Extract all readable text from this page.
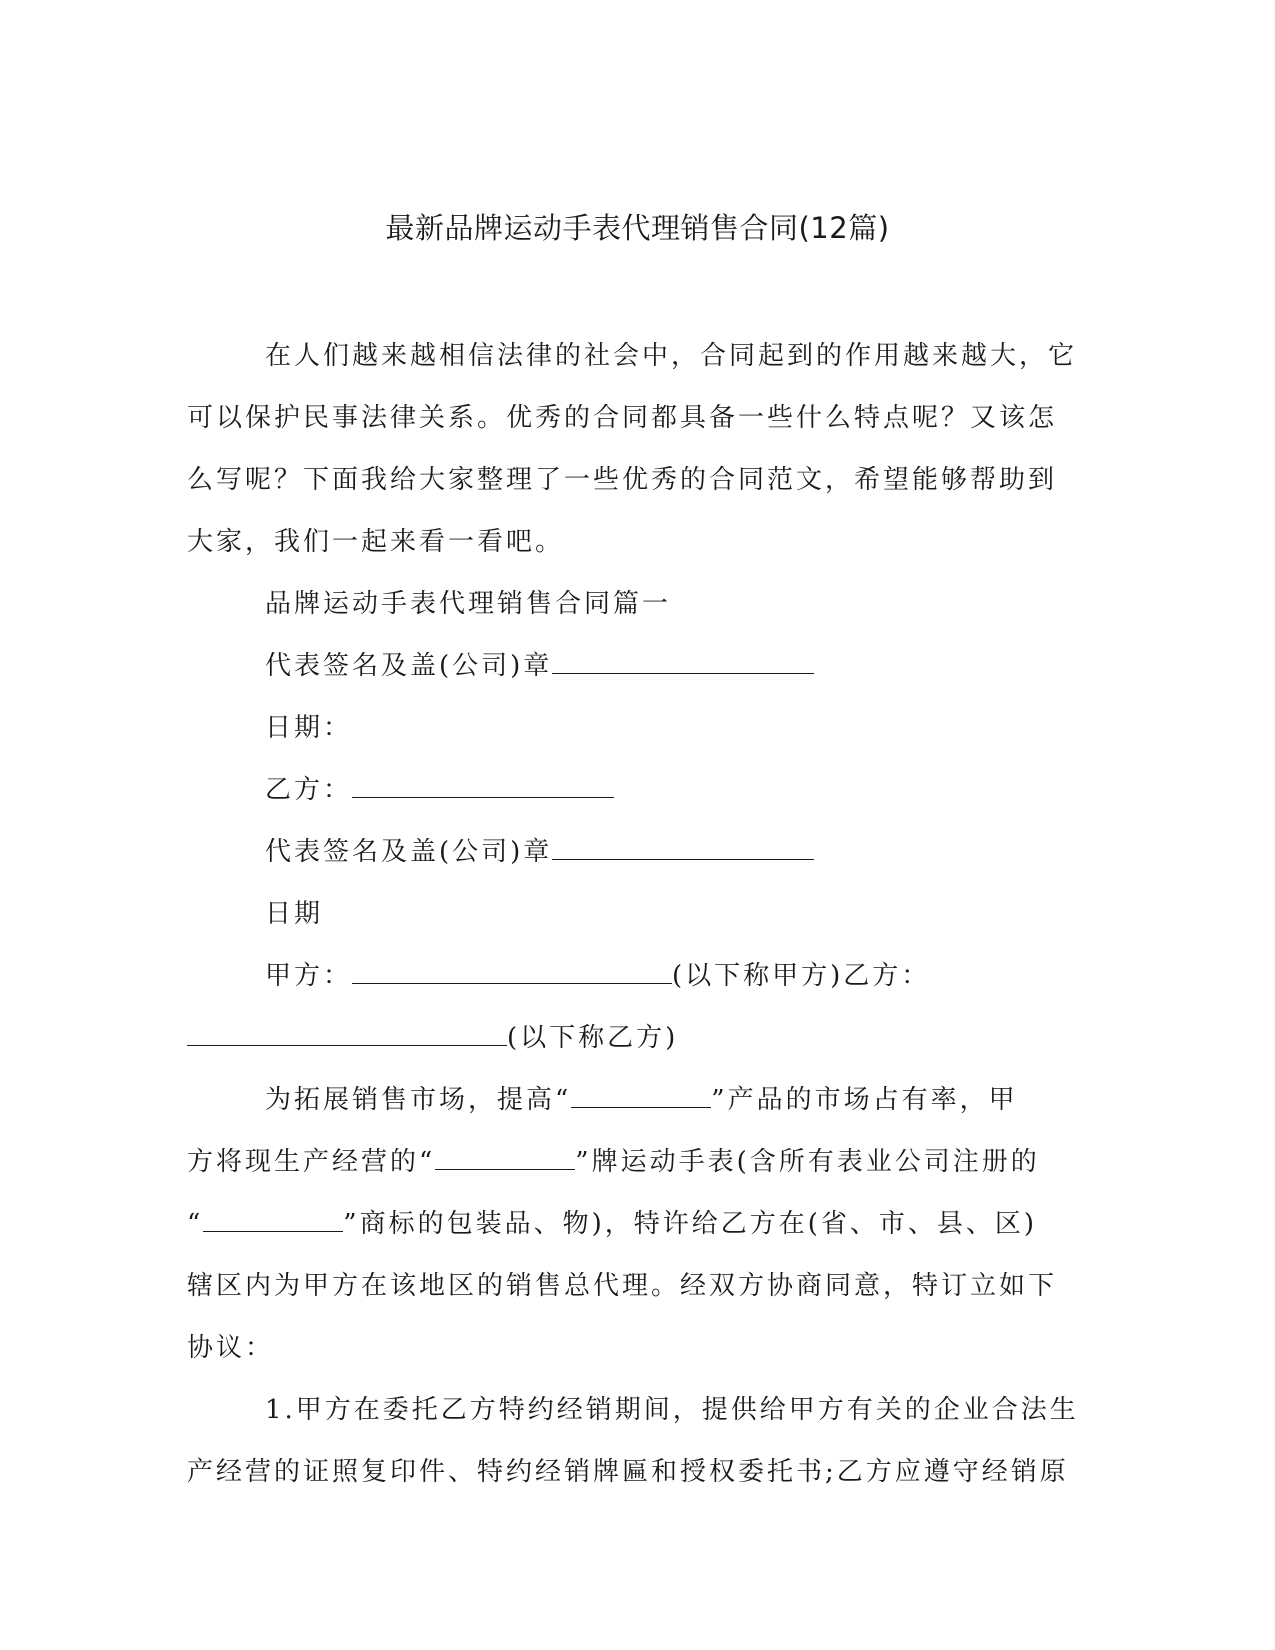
最新品牌运动手表代理销售合同(12篇)
在人们越来越相信法律的社会中，合同起到的作用越来越大，它
可以保护民事法律关系。优秀的合同都具备一些什么特点呢？又该怎
么写呢？下面我给大家整理了一些优秀的合同范文，希望能够帮助到
大家，我们一起来看一看吧。
品牌运动手表代理销售合同篇一
代表签名及盖(公司)章
日期：
乙方：
代表签名及盖(公司)章
日期
甲方：	(以下称甲方)乙方：
(以下称乙方)
为拓展销售市场，提高“	”产品的市场占有率，甲
方将现生产经营的“	”牌运动手表(含所有表业公司注册的
“	”商标的包装品、物)，特许给乙方在(省、市、县、区)
辖区内为甲方在该地区的销售总代理。经双方协商同意，特订立如下
协议：
1.甲方在委托乙方特约经销期间，提供给甲方有关的企业合法生
产经营的证照复印件、特约经销牌匾和授权委托书;乙方应遵守经销原
